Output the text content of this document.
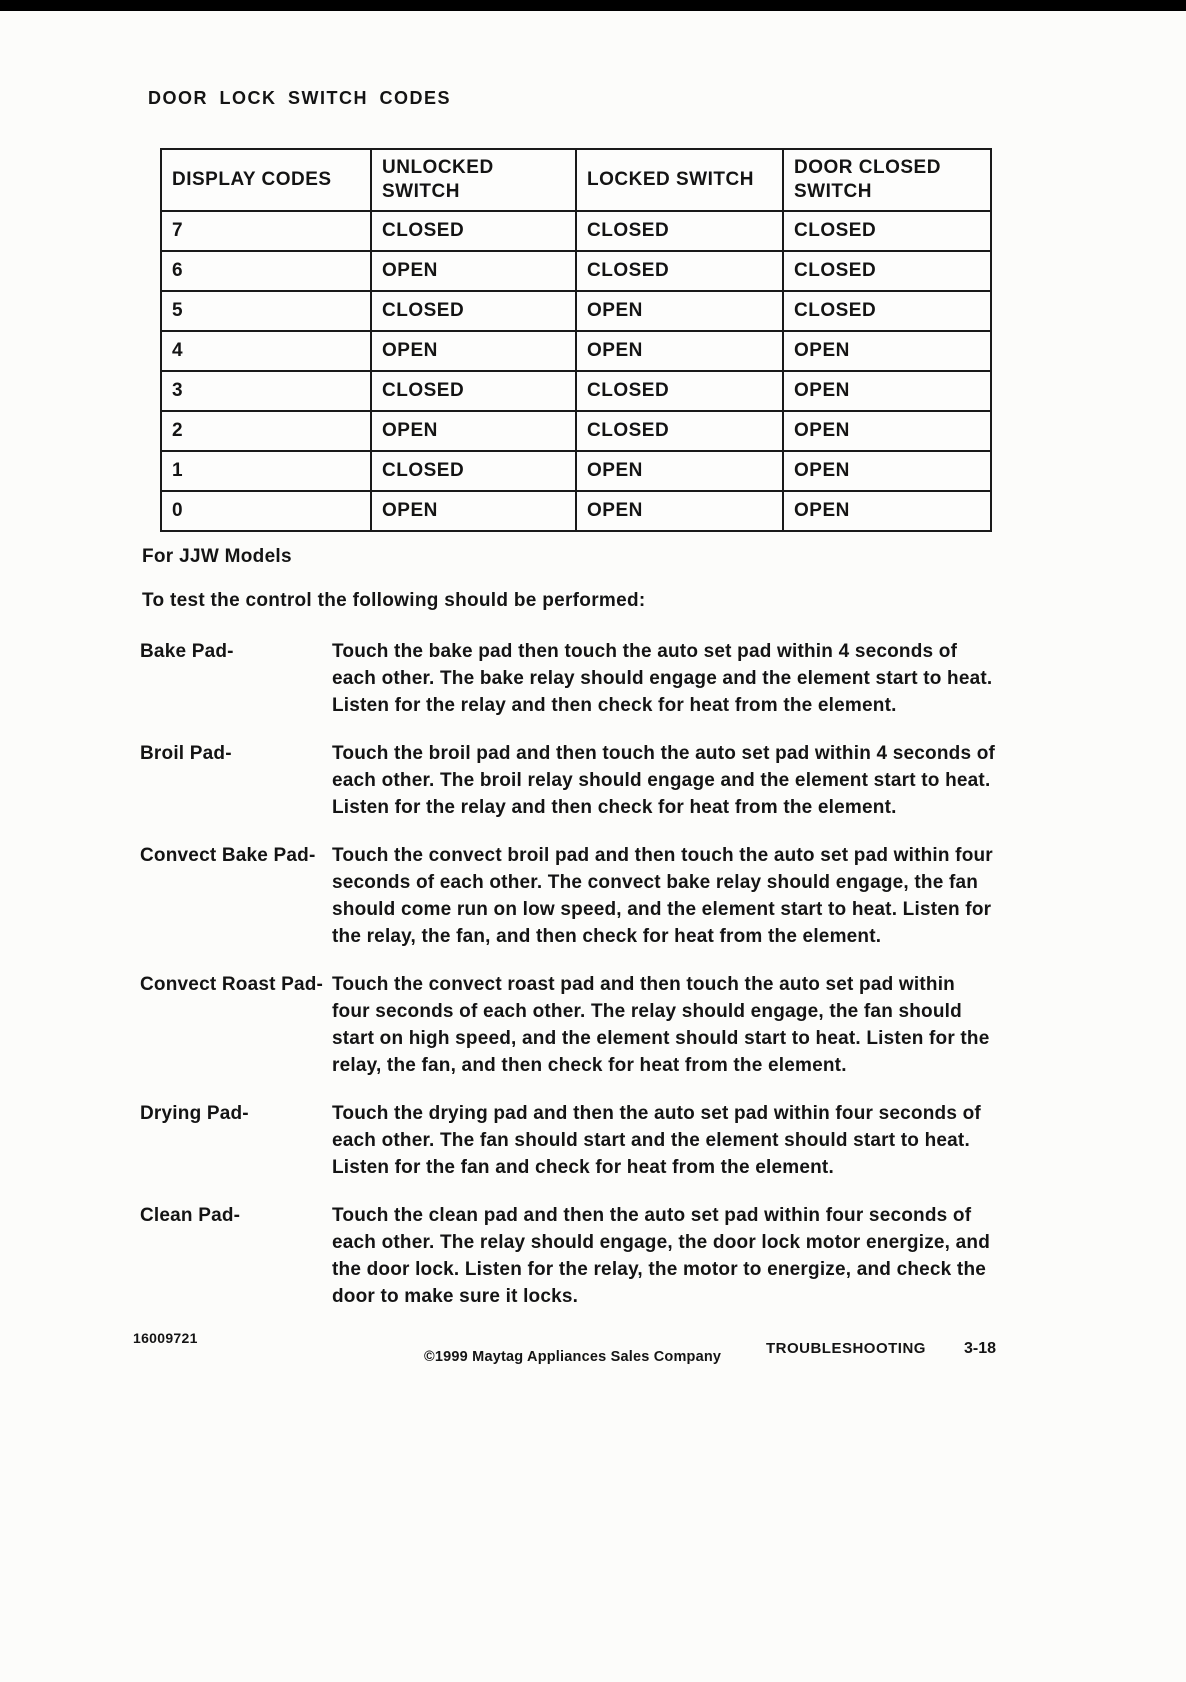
DOOR LOCK SWITCH CODES
DISPLAY CODES	UNLOCKED SWITCH	LOCKED SWITCH	DOOR CLOSED SWITCH
7	CLOSED	CLOSED	CLOSED
6	OPEN	CLOSED	CLOSED
5	CLOSED	OPEN	CLOSED
4	OPEN	OPEN	OPEN
3	CLOSED	CLOSED	OPEN
2	OPEN	CLOSED	OPEN
1	CLOSED	OPEN	OPEN
0	OPEN	OPEN	OPEN
For JJW Models
To test the control the following should be performed:
Bake Pad-	Touch the bake pad then touch the auto set pad within 4 seconds of each other. The bake relay should engage and the element start to heat. Listen for the relay and then check for heat from the element.
Broil Pad-	Touch the broil pad and then touch the auto set pad within 4 seconds of each other. The broil relay should engage and the element start to heat. Listen for the relay and then check for heat from the element.
Convect Bake Pad- Touch the convect broil pad and then touch the auto set pad within four seconds of each other. The convect bake relay should engage, the fan should come run on low speed, and the element start to heat. Listen for the relay, the fan, and then check for heat from the element.
Convect Roast Pad- Touch the convect roast pad and then touch the auto set pad within four seconds of each other. The relay should engage, the fan should start on high speed, and the element should start to heat. Listen for the relay, the fan, and then check for heat from the element.
Drying Pad-	Touch the drying pad and then the auto set pad within four seconds of each other. The fan should start and the element should start to heat. Listen for the fan and check for heat from the element.
Clean Pad-	Touch the clean pad and then the auto set pad within four seconds of each other. The relay should engage, the door lock motor energize, and the door lock. Listen for the relay, the motor to energize, and check the door to make sure it locks.
16009721
©1999 Maytag Appliances Sales Company	TROUBLESHOOTING 3-18
